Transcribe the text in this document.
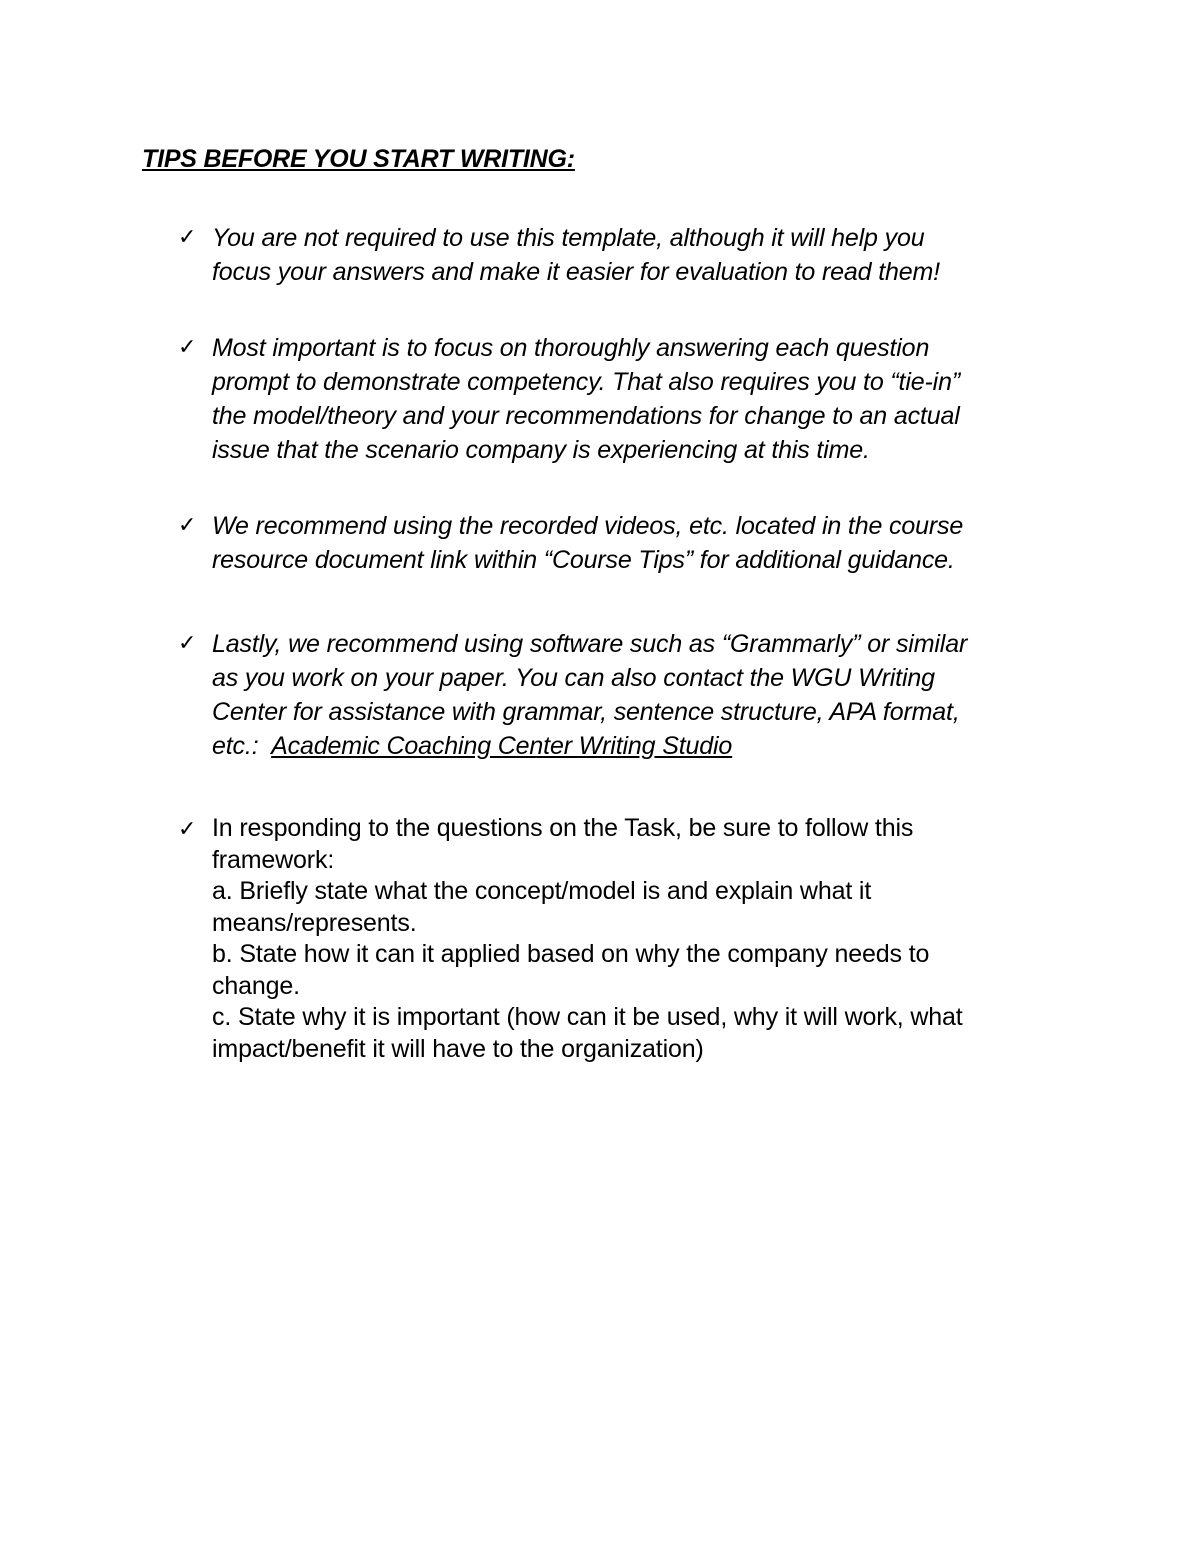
TIPS BEFORE YOU START WRITING:
✓ You are not required to use this template, although it will help you
focus your answers and make it easier for evaluation to read them!
✓ Most important is to focus on thoroughly answering each question
prompt to demonstrate competency. That also requires you to “tie-in”
the model/theory and your recommendations for change to an actual
issue that the scenario company is experiencing at this time.
✓ We recommend using the recorded videos, etc. located in the course
resource document link within “Course Tips” for additional guidance.
✓ Lastly, we recommend using software such as “Grammarly” or similar
as you work on your paper. You can also contact the WGU Writing
Center for assistance with grammar, sentence structure, APA format,
etc.:  Academic Coaching Center Writing Studio
✓ In responding to the questions on the Task, be sure to follow this
framework:
a. Briefly state what the concept/model is and explain what it
means/represents.
b. State how it can it applied based on why the company needs to
change.
c. State why it is important (how can it be used, why it will work, what
impact/benefit it will have to the organization)
